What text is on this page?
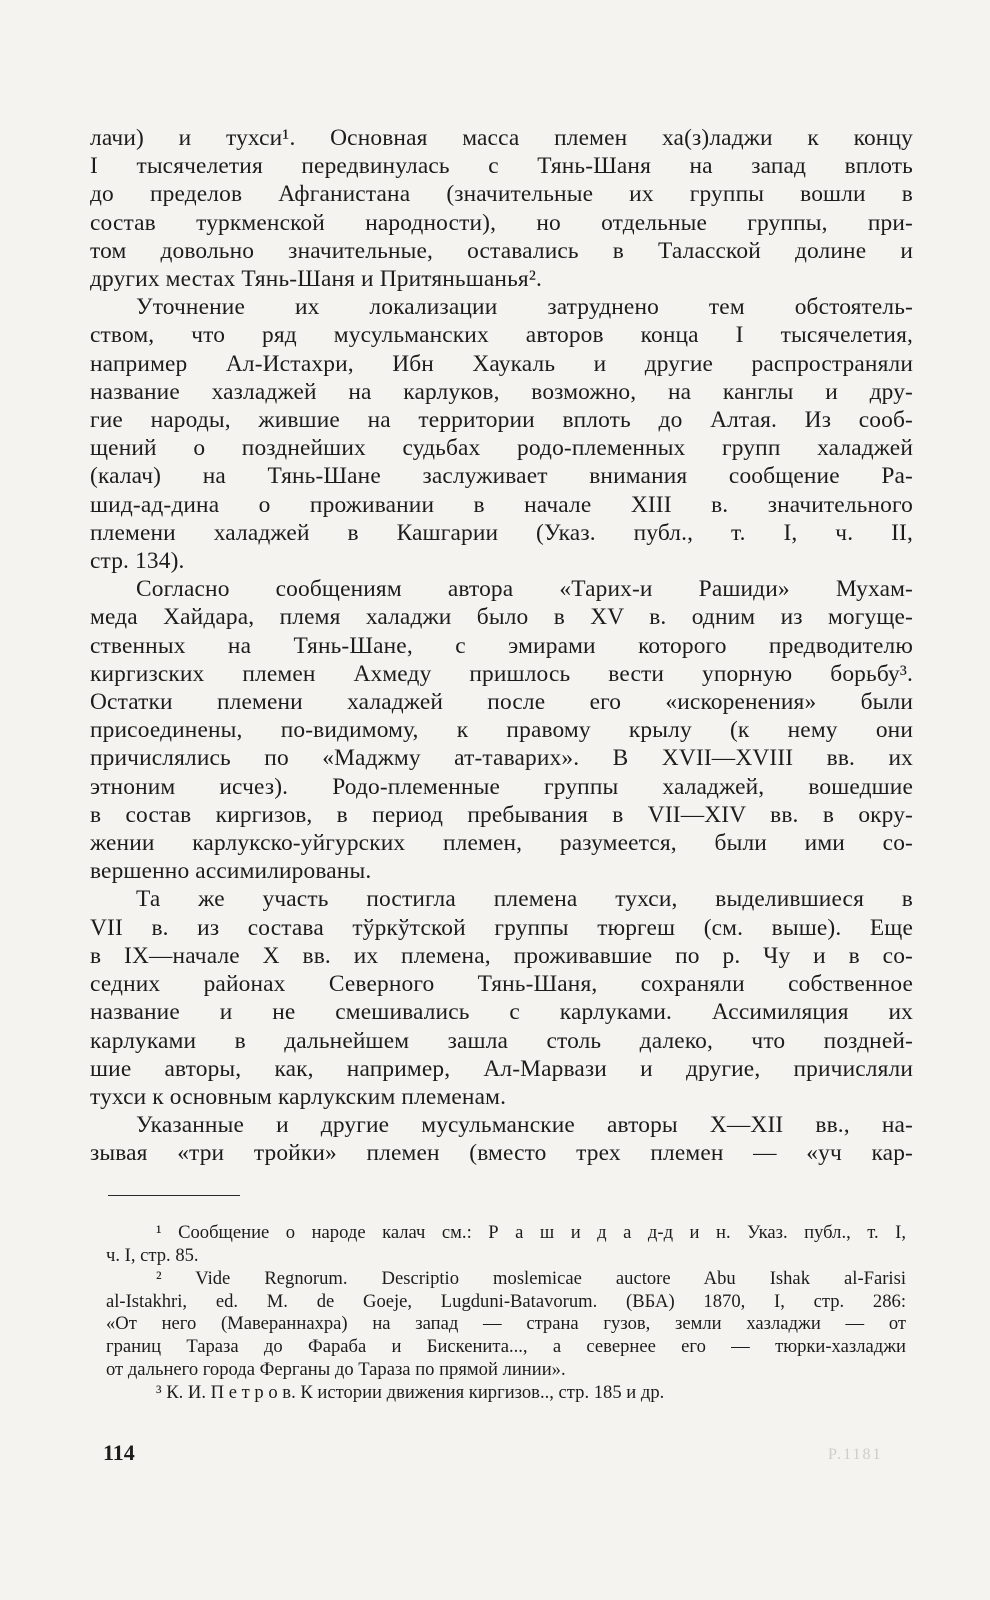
лачи) и тухси¹. Основная масса племен ха(з)ладжи к концу
I тысячелетия передвинулась с Тянь-Шаня на запад вплоть
до пределов Афганистана (значительные их группы вошли в
состав туркменской народности), но отдельные группы, при-
том довольно значительные, оставались в Таласской долине и
других местах Тянь-Шаня и Притяньшанья².

Уточнение их локализации затруднено тем обстоятель-
ством, что ряд мусульманских авторов конца I тысячелетия,
например Ал-Истахри, Ибн Хаукаль и другие распространяли
название хазладжей на карлуков, возможно, на канглы и дру-
гие народы, жившие на территории вплоть до Алтая. Из сооб-
щений о позднейших судьбах родо-племенных групп халаджей
(калач) на Тянь-Шане заслуживает внимания сообщение Ра-
шид-ад-дина о проживании в начале XIII в. значительного
племени халаджей в Кашгарии (Указ. публ., т. I, ч. II,
стр. 134).

Согласно сообщениям автора «Тарих-и Рашиди» Мухам-
меда Хайдара, племя халаджи было в XV в. одним из могуще-
ственных на Тянь-Шане, с эмирами которого предводителю
киргизских племен Ахмеду пришлось вести упорную борьбу³.
Остатки племени халаджей после его «искоренения» были
присоединены, по-видимому, к правому крылу (к нему они
причислялись по «Маджму ат-таварих». В XVII—XVIII вв. их
этноним исчез). Родо-племенные группы халаджей, вошедшие
в состав киргизов, в период пребывания в VII—XIV вв. в окру-
жении карлукско-уйгурских племен, разумеется, были ими со-
вершенно ассимилированы.

Та же участь постигла племена тухси, выделившиеся в
VII в. из состава тўркўтской группы тюргеш (см. выше). Еще
в IX—начале X вв. их племена, проживавшие по р. Чу и в со-
седних районах Северного Тянь-Шаня, сохраняли собственное
название и не смешивались с карлуками. Ассимиляция их
карлуками в дальнейшем зашла столь далеко, что поздней-
шие авторы, как, например, Ал-Марвази и другие, причисляли
тухси к основным карлукским племенам.

Указанные и другие мусульманские авторы X—XII вв., на-
зывая «три тройки» племен (вместо трех племен — «уч кар-

¹ Сообщение о народе калач см.: Р а ш и д а д-д и н. Указ. публ., т. I,
ч. I, стр. 85.

² Vide Regnorum. Descriptio moslemicae auctore Abu Ishak al-Farisi
al-Istakhri, ed. M. de Goeje, Lugduni-Batavorum. (ВБА) 1870, I, стр. 286:
«От него (Мавераннахра) на запад — страна гузов, земли хазладжи — от
границ Тараза до Фараба и Бискенита..., а севернее его — тюрки-хазладжи
от дальнего города Ферганы до Тараза по прямой линии».

³ К. И. П е т р о в. К истории движения киргизов.., стр. 185 и др.

114	P.1181
